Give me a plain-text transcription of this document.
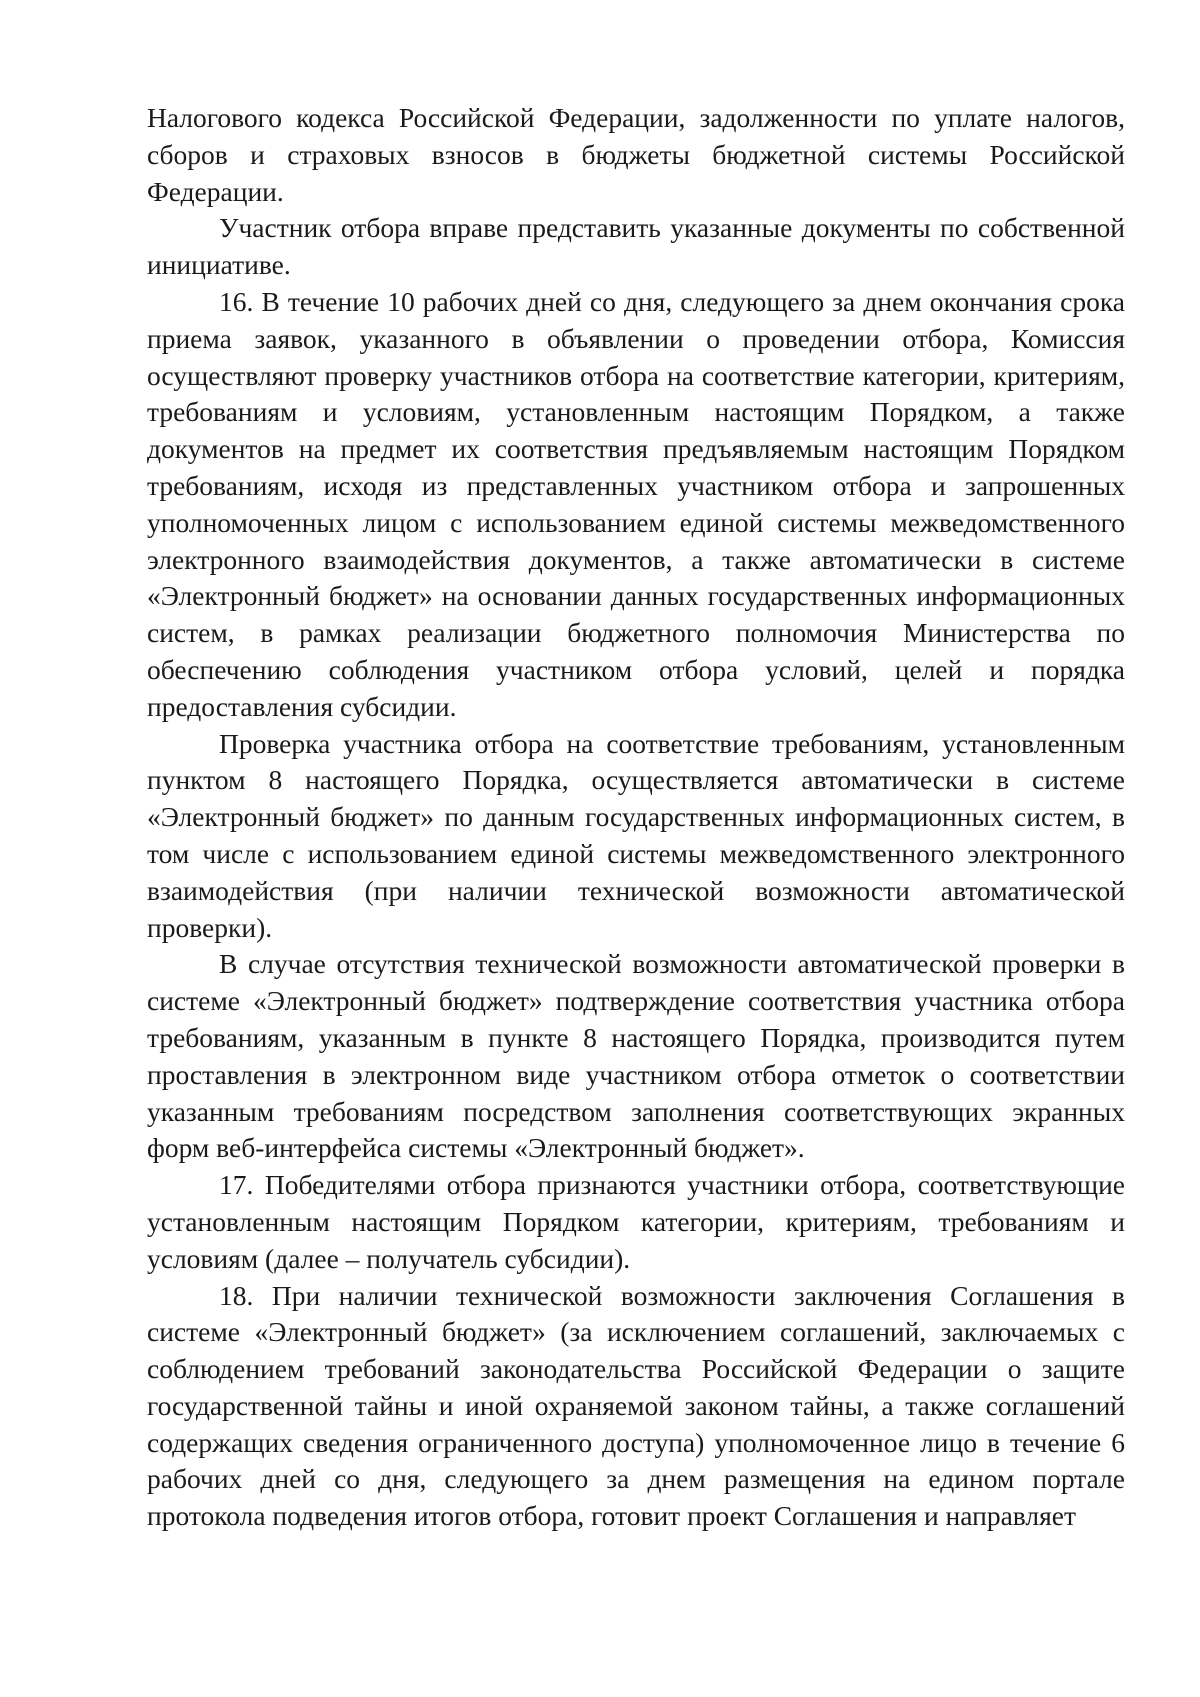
Налогового кодекса Российской Федерации, задолженности по уплате налогов, сборов и страховых взносов в бюджеты бюджетной системы Российской Федерации.

Участник отбора вправе представить указанные документы по собственной инициативе.

16. В течение 10 рабочих дней со дня, следующего за днем окончания срока приема заявок, указанного в объявлении о проведении отбора, Комиссия осуществляют проверку участников отбора на соответствие категории, критериям, требованиям и условиям, установленным настоящим Порядком, а также документов на предмет их соответствия предъявляемым настоящим Порядком требованиям, исходя из представленных участником отбора и запрошенных уполномоченных лицом с использованием единой системы межведомственного электронного взаимодействия документов, а также автоматически в системе «Электронный бюджет» на основании данных государственных информационных систем, в рамках реализации бюджетного полномочия Министерства по обеспечению соблюдения участником отбора условий, целей и порядка предоставления субсидии.

Проверка участника отбора на соответствие требованиям, установленным пунктом 8 настоящего Порядка, осуществляется автоматически в системе «Электронный бюджет» по данным государственных информационных систем, в том числе с использованием единой системы межведомственного электронного взаимодействия (при наличии технической возможности автоматической проверки).

В случае отсутствия технической возможности автоматической проверки в системе «Электронный бюджет» подтверждение соответствия участника отбора требованиям, указанным в пункте 8 настоящего Порядка, производится путем проставления в электронном виде участником отбора отметок о соответствии указанным требованиям посредством заполнения соответствующих экранных форм веб-интерфейса системы «Электронный бюджет».

17. Победителями отбора признаются участники отбора, соответствующие установленным настоящим Порядком категории, критериям, требованиям и условиям (далее – получатель субсидии).

18. При наличии технической возможности заключения Соглашения в системе «Электронный бюджет» (за исключением соглашений, заключаемых с соблюдением требований законодательства Российской Федерации о защите государственной тайны и иной охраняемой законом тайны, а также соглашений содержащих сведения ограниченного доступа) уполномоченное лицо в течение 6 рабочих дней со дня, следующего за днем размещения на едином портале протокола подведения итогов отбора, готовит проект Соглашения и направляет
